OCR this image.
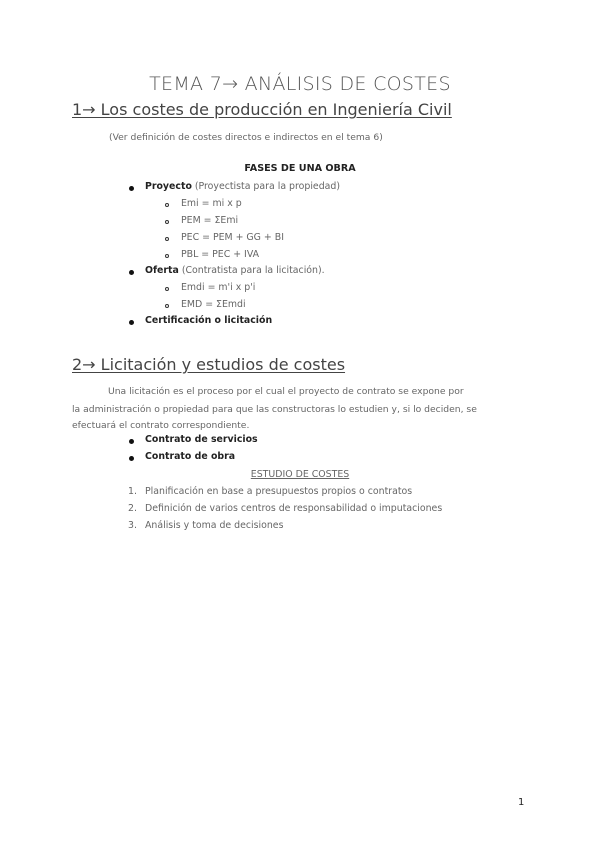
TEMA 7→ ANÁLISIS DE COSTES
1→ Los costes de producción en Ingeniería Civil
(Ver definición de costes directos e indirectos en el tema 6)
FASES DE UNA OBRA
Proyecto (Proyectista para la propiedad)
Emi = mi x p
PEM = ΣEmi
PEC = PEM + GG + BI
PBL = PEC + IVA
Oferta (Contratista para la licitación).
Emdi = m'i x p'i
EMD = ΣEmdi
Certificación o licitación
2→ Licitación y estudios de costes
Una licitación es el proceso por el cual el proyecto de contrato se expone por
la administración o propiedad para que las constructoras lo estudien y, si lo deciden, se
efectuará el contrato correspondiente.
Contrato de servicios
Contrato de obra
ESTUDIO DE COSTES
1. Planificación en base a presupuestos propios o contratos
2. Definición de varios centros de responsabilidad o imputaciones
3. Análisis y toma de decisiones
1
